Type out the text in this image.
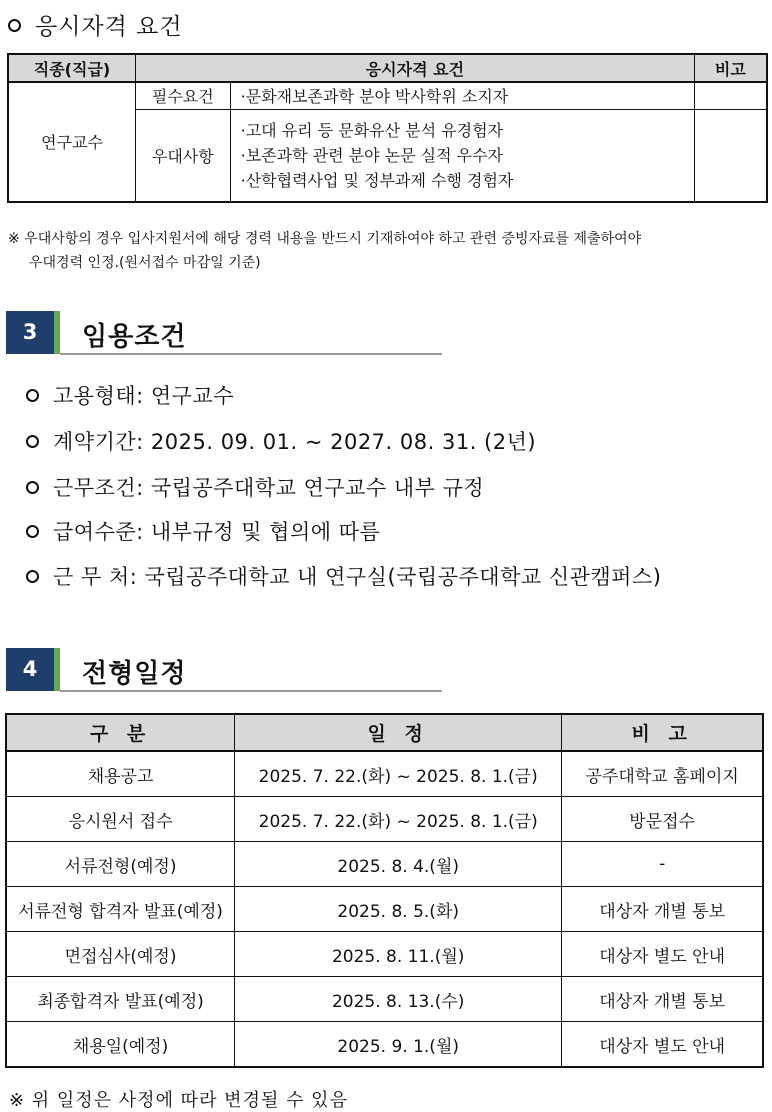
응시자격 요건
직종(직급)	응시자격 요건		비고
연구교수	필수요건	·문화재보존과학 분야 박사학위 소지자	
	우대사항	·고대 유리 등 문화유산 분석 유경험자
·보존과학 관련 분야 논문 실적 우수자
·산학협력사업 및 정부과제 수행 경험자	

※ 우대사항의 경우 입사지원서에 해당 경력 내용을 반드시 기재하여야 하고 관련 증빙자료를 제출하여야
우대경력 인정.(원서접수 마감일 기준)
3	임용조건
고용형태: 연구교수
계약기간: 2025. 09. 01. ~ 2027. 08. 31. (2년)
근무조건: 국립공주대학교 연구교수 내부 규정
급여수준: 내부규정 및 협의에 따름
근 무 처: 국립공주대학교 내 연구실(국립공주대학교 신관캠퍼스)
4	전형일정
구 분	일 정	비 고
채용공고	2025. 7. 22.(화) ~ 2025. 8. 1.(금)	공주대학교 홈페이지
응시원서 접수	2025. 7. 22.(화) ~ 2025. 8. 1.(금)	방문접수
서류전형(예정)	2025. 8. 4.(월)	-
서류전형 합격자 발표(예정)	2025. 8. 5.(화)	대상자 개별 통보
면접심사(예정)	2025. 8. 11.(월)	대상자 별도 안내
최종합격자 발표(예정)	2025. 8. 13.(수)	대상자 개별 통보
채용일(예정)	2025. 9. 1.(월)	대상자 별도 안내
※ 위 일정은 사정에 따라 변경될 수 있음
